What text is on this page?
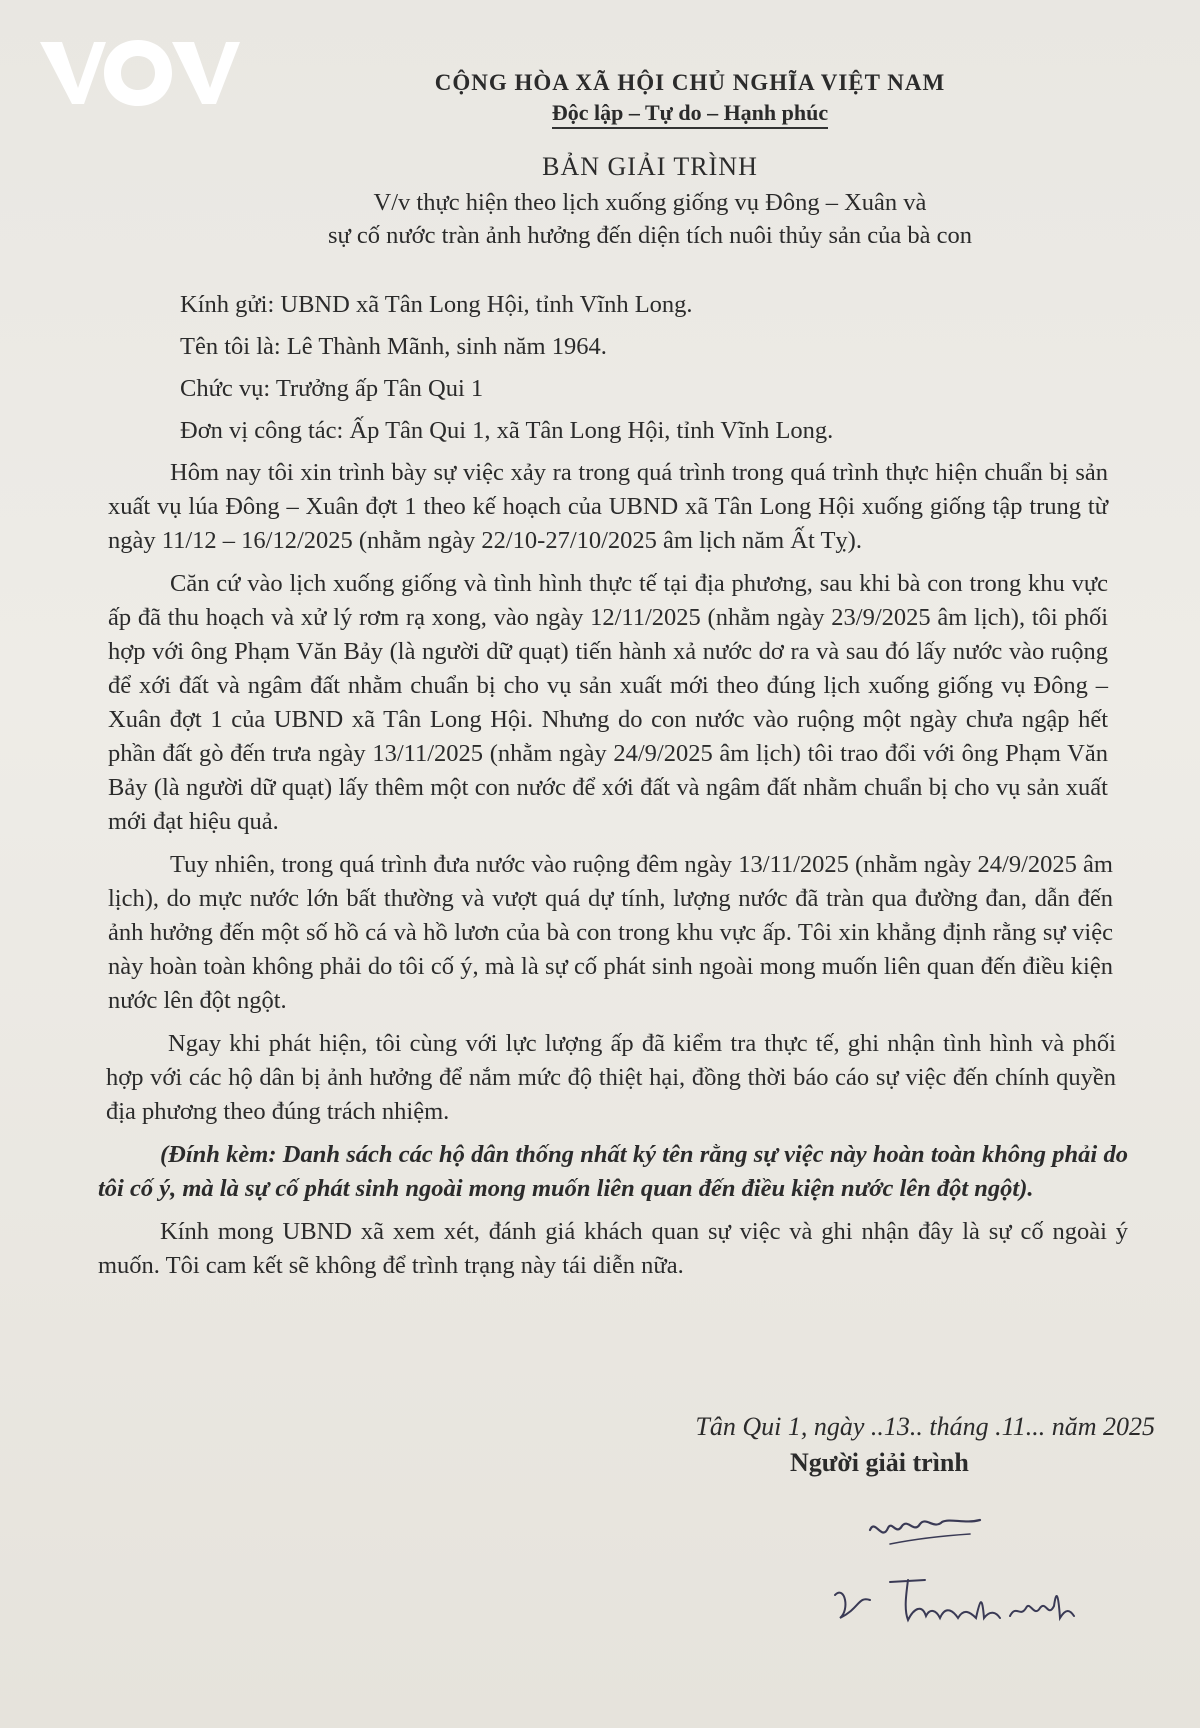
VOV
CỘNG HÒA XÃ HỘI CHỦ NGHĨA VIỆT NAM
Độc lập – Tự do – Hạnh phúc
BẢN GIẢI TRÌNH
V/v thực hiện theo lịch xuống giống vụ Đông – Xuân và
sự cố nước tràn ảnh hưởng đến diện tích nuôi thủy sản của bà con
Kính gửi: UBND xã Tân Long Hội, tỉnh Vĩnh Long.
Tên tôi là: Lê Thành Mãnh, sinh năm 1964.
Chức vụ: Trưởng ấp Tân Qui 1
Đơn vị công tác: Ấp Tân Qui 1, xã Tân Long Hội, tỉnh Vĩnh Long.

Hôm nay tôi xin trình bày sự việc xảy ra trong quá trình trong quá trình thực hiện chuẩn bị sản xuất vụ lúa Đông – Xuân đợt 1 theo kế hoạch của UBND xã Tân Long Hội xuống giống tập trung từ ngày 11/12 – 16/12/2025 (nhằm ngày 22/10-27/10/2025 âm lịch năm Ất Tỵ).

Căn cứ vào lịch xuống giống và tình hình thực tế tại địa phương, sau khi bà con trong khu vực ấp đã thu hoạch và xử lý rơm rạ xong, vào ngày 12/11/2025 (nhằm ngày 23/9/2025 âm lịch), tôi phối hợp với ông Phạm Văn Bảy (là người dữ quạt) tiến hành xả nước dơ ra và sau đó lấy nước vào ruộng để xới đất và ngâm đất nhằm chuẩn bị cho vụ sản xuất mới theo đúng lịch xuống giống vụ Đông – Xuân đợt 1 của UBND xã Tân Long Hội. Nhưng do con nước vào ruộng một ngày chưa ngập hết phần đất gò đến trưa ngày 13/11/2025 (nhằm ngày 24/9/2025 âm lịch) tôi trao đổi với ông Phạm Văn Bảy (là người dữ quạt) lấy thêm một con nước để xới đất và ngâm đất nhằm chuẩn bị cho vụ sản xuất mới đạt hiệu quả.

Tuy nhiên, trong quá trình đưa nước vào ruộng đêm ngày 13/11/2025 (nhằm ngày 24/9/2025 âm lịch), do mực nước lớn bất thường và vượt quá dự tính, lượng nước đã tràn qua đường đan, dẫn đến ảnh hưởng đến một số hồ cá và hồ lươn của bà con trong khu vực ấp. Tôi xin khẳng định rằng sự việc này hoàn toàn không phải do tôi cố ý, mà là sự cố phát sinh ngoài mong muốn liên quan đến điều kiện nước lên đột ngột.

Ngay khi phát hiện, tôi cùng với lực lượng ấp đã kiểm tra thực tế, ghi nhận tình hình và phối hợp với các hộ dân bị ảnh hưởng để nắm mức độ thiệt hại, đồng thời báo cáo sự việc đến chính quyền địa phương theo đúng trách nhiệm.

(Đính kèm: Danh sách các hộ dân thống nhất ký tên rằng sự việc này hoàn toàn không phải do tôi cố ý, mà là sự cố phát sinh ngoài mong muốn liên quan đến điều kiện nước lên đột ngột).

Kính mong UBND xã xem xét, đánh giá khách quan sự việc và ghi nhận đây là sự cố ngoài ý muốn. Tôi cam kết sẽ không để trình trạng này tái diễn nữa.

Tân Qui 1, ngày ..13.. tháng .11... năm 2025
Người giải trình
Lê Thành Mãnh
